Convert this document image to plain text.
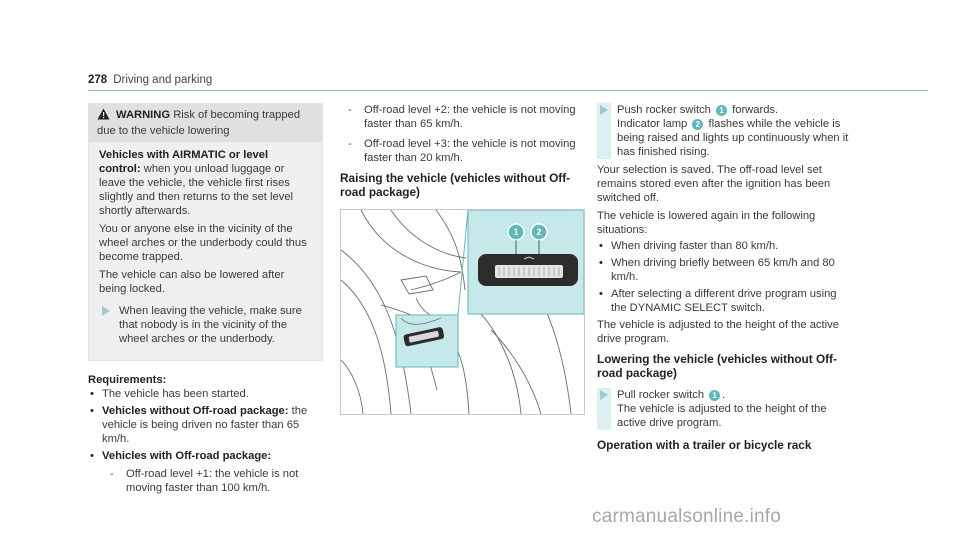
278 Driving and parking
WARNING Risk of becoming trapped due to the vehicle lowering

Vehicles with AIRMATIC or level control: when you unload luggage or leave the vehicle, the vehicle first rises slightly and then returns to the set level shortly afterwards.

You or anyone else in the vicinity of the wheel arches or the underbody could thus become trapped.

The vehicle can also be lowered after being locked.

When leaving the vehicle, make sure that nobody is in the vicinity of the wheel arches or the underbody.
Requirements:
• The vehicle has been started.
• Vehicles without Off-road package: the vehicle is being driven no faster than 65 km/h.
• Vehicles with Off-road package:
- Off-road level +1: the vehicle is not moving faster than 100 km/h.
- Off-road level +2: the vehicle is not moving faster than 65 km/h.
- Off-road level +3: the vehicle is not moving faster than 20 km/h.
Raising the vehicle (vehicles without Off-road package)
1 2
Push rocker switch 1 forwards.
Indicator lamp 2 flashes while the vehicle is being raised and lights up continuously when it has finished rising.

Your selection is saved. The off-road level set remains stored even after the ignition has been switched off.

The vehicle is lowered again in the following situations:

• When driving faster than 80 km/h.
• When driving briefly between 65 km/h and 80 km/h.
• After selecting a different drive program using the DYNAMIC SELECT switch.

The vehicle is adjusted to the height of the active drive program.

Lowering the vehicle (vehicles without Off-road package)
Pull rocker switch 1 .
The vehicle is adjusted to the height of the active drive program.
Operation with a trailer or bicycle rack
carmanualsonline.info
